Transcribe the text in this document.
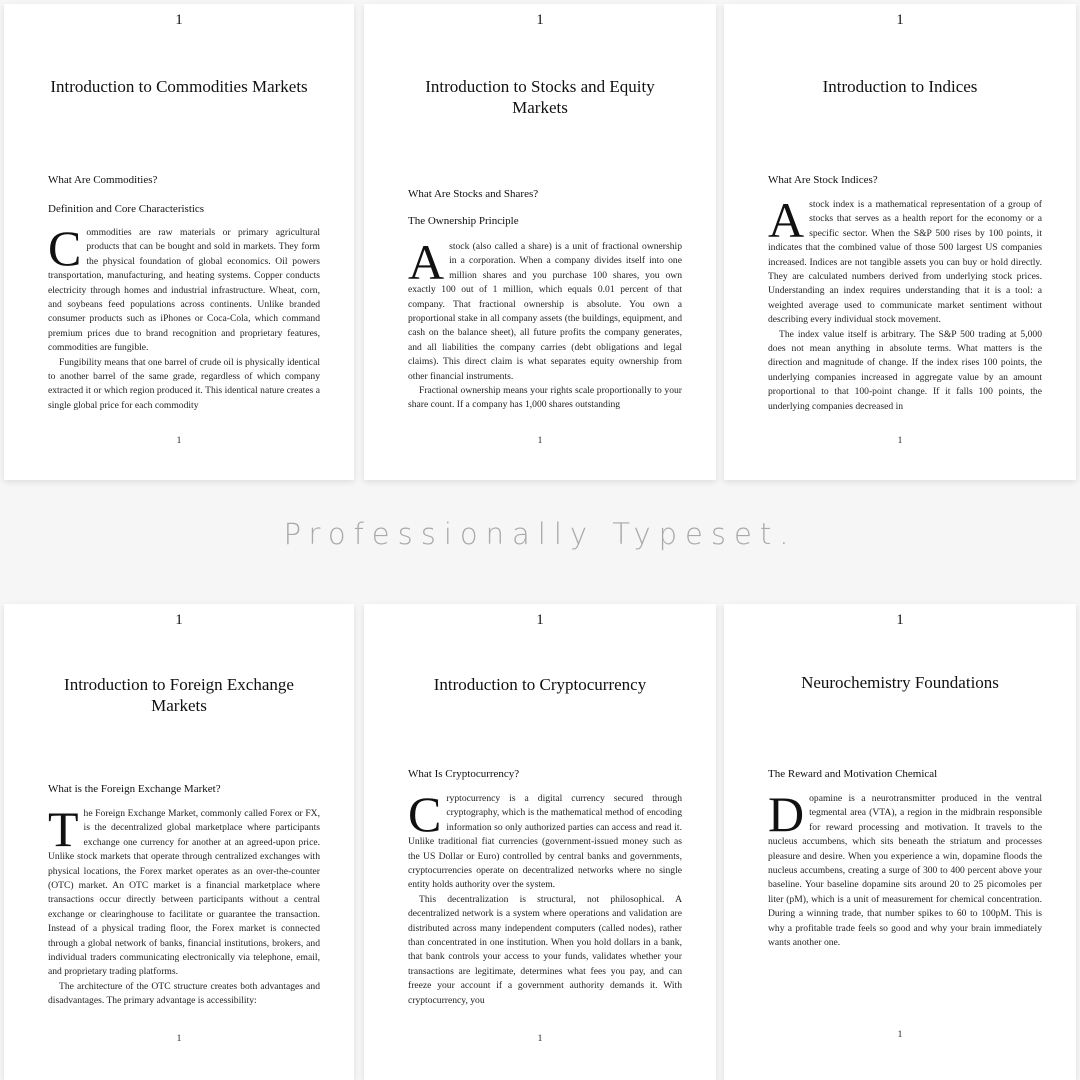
1
Introduction to Commodities Markets
What Are Commodities?
Definition and Core Characteristics

Commodities are raw materials or primary agricultural products that can be bought and sold in markets. They form the physical foundation of global economics. Oil powers transportation, manufacturing, and heating systems. Copper conducts electricity through homes and industrial infrastructure. Wheat, corn, and soybeans feed populations across continents. Unlike branded consumer products such as iPhones or Coca-Cola, which command premium prices due to brand recognition and proprietary features, commodities are fungible.

Fungibility means that one barrel of crude oil is physically identical to another barrel of the same grade, regardless of which company extracted it or which region produced it. This identical nature creates a single global price for each commodity

1
1
Introduction to Stocks and Equity Markets
What Are Stocks and Shares?
The Ownership Principle

Astock (also called a share) is a unit of fractional ownership in a corporation. When a company divides itself into one million shares and you purchase 100 shares, you own exactly 100 out of 1 million, which equals 0.01 percent of that company. That fractional ownership is absolute. You own a proportional stake in all company assets (the buildings, equipment, and cash on the balance sheet), all future profits the company generates, and all liabilities the company carries (debt obligations and legal claims). This direct claim is what separates equity ownership from other financial instruments.

Fractional ownership means your rights scale proportionally to your share count. If a company has 1,000 shares outstanding

1
1
Introduction to Indices
What Are Stock Indices?

Astock index is a mathematical representation of a group of stocks that serves as a health report for the economy or a specific sector. When the S&P 500 rises by 100 points, it indicates that the combined value of those 500 largest US companies increased. Indices are not tangible assets you can buy or hold directly. They are calculated numbers derived from underlying stock prices. Understanding an index requires understanding that it is a tool: a weighted average used to communicate market sentiment without describing every individual stock movement.

The index value itself is arbitrary. The S&P 500 trading at 5,000 does not mean anything in absolute terms. What matters is the direction and magnitude of change. If the index rises 100 points, the underlying companies increased in aggregate value by an amount proportional to that 100-point change. If it falls 100 points, the underlying companies decreased in

1
Professionally Typeset.
1
Introduction to Foreign Exchange Markets
What is the Foreign Exchange Market?

The Foreign Exchange Market, commonly called Forex or FX, is the decentralized global marketplace where participants exchange one currency for another at an agreed-upon price. Unlike stock markets that operate through centralized exchanges with physical locations, the Forex market operates as an over-the-counter (OTC) market. An OTC market is a financial marketplace where transactions occur directly between participants without a central exchange or clearinghouse to facilitate or guarantee the transaction. Instead of a physical trading floor, the Forex market is connected through a global network of banks, financial institutions, brokers, and individual traders communicating electronically via telephone, email, and proprietary trading platforms.

The architecture of the OTC structure creates both advantages and disadvantages. The primary advantage is accessibility:

1
1
Introduction to Cryptocurrency
What Is Cryptocurrency?

Cryptocurrency is a digital currency secured through cryptography, which is the mathematical method of encoding information so only authorized parties can access and read it. Unlike traditional fiat currencies (government-issued money such as the US Dollar or Euro) controlled by central banks and governments, cryptocurrencies operate on decentralized networks where no single entity holds authority over the system.

This decentralization is structural, not philosophical. A decentralized network is a system where operations and validation are distributed across many independent computers (called nodes), rather than concentrated in one institution. When you hold dollars in a bank, that bank controls your access to your funds, validates whether your transactions are legitimate, determines what fees you pay, and can freeze your account if a government authority demands it. With cryptocurrency, you

1
1
Neurochemistry Foundations
The Reward and Motivation Chemical

Dopamine is a neurotransmitter produced in the ventral tegmental area (VTA), a region in the midbrain responsible for reward processing and motivation. It travels to the nucleus accumbens, which sits beneath the striatum and processes pleasure and desire. When you experience a win, dopamine floods the nucleus accumbens, creating a surge of 300 to 400 percent above your baseline. Your baseline dopamine sits around 20 to 25 picomoles per liter (pM), which is a unit of measurement for chemical concentration. During a winning trade, that number spikes to 60 to 100pM. This is why a profitable trade feels so good and why your brain immediately wants another one.

1
